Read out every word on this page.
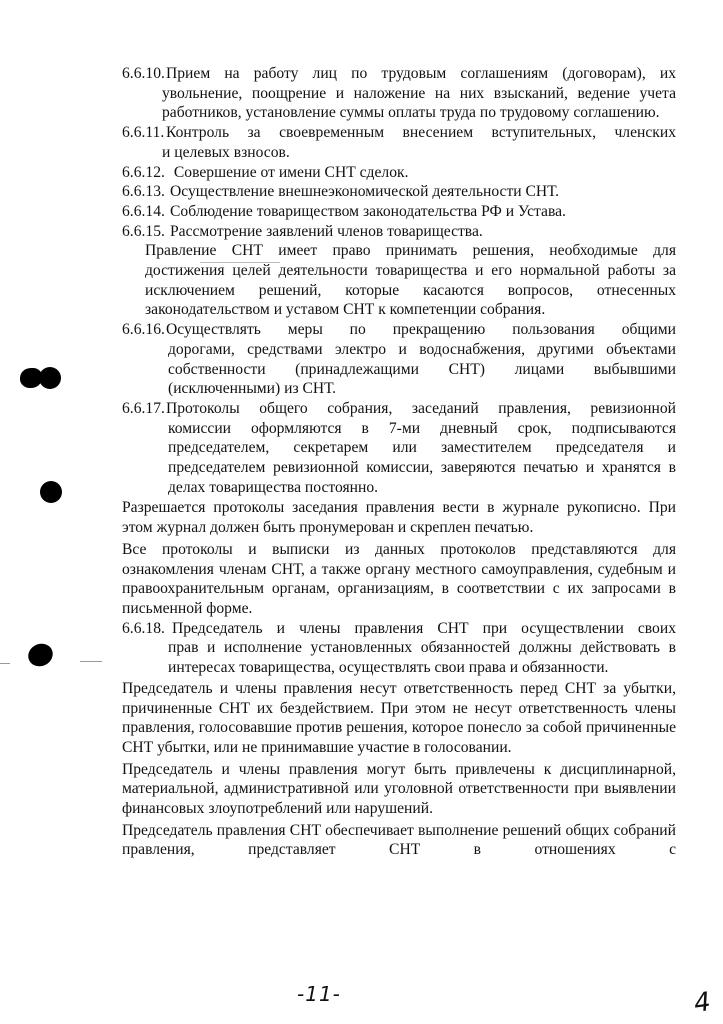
6.6.10.Прием на работу лиц по трудовым соглашениям (договорам), их
увольнение, поощрение и наложение на них взысканий, ведение учета работников, установление суммы оплаты труда по трудовому соглашению.
6.6.11. Контроль за своевременным внесением вступительных, членских
и целевых взносов.
6.6.12. Совершение от имени СНТ сделок.
6.6.13. Осуществление внешнеэкономической деятельности СНТ.
6.6.14. Соблюдение товариществом законодательства РФ и Устава.
6.6.15. Рассмотрение заявлений членов товарищества.
Правление СНТ имеет право принимать решения, необходимые для достижения целей деятельности товарищества и его нормальной работы за исключением решений, которые касаются вопросов, отнесенных законодательством и уставом СНТ к компетенции собрания.
6.6.16.Осуществлять меры по прекращению пользования общими
дорогами, средствами электро и водоснабжения, другими объектами собственности (принадлежащими СНТ) лицами выбывшими (исключенными) из СНТ.
6.6.17.Протоколы общего собрания, заседаний правления, ревизионной
комиссии оформляются в 7-ми дневный срок, подписываются председателем, секретарем или заместителем председателя и председателем ревизионной комиссии, заверяются печатью и хранятся в делах товарищества постоянно.
Разрешается протоколы заседания правления вести в журнале рукописно. При этом журнал должен быть пронумерован и скреплен печатью.
Все протоколы и выписки из данных протоколов представляются для ознакомления членам СНТ, а также органу местного самоуправления, судебным и правоохранительным органам, организациям, в соответствии с их запросами в письменной форме.
6.6.18. Председатель и члены правления СНТ при осуществлении своих
прав и исполнение установленных обязанностей должны действовать в интересах товарищества, осуществлять свои права и обязанности.
Председатель и члены правления несут ответственность перед СНТ за убытки, причиненные СНТ их бездействием. При этом не несут ответственность члены правления, голосовавшие против решения, которое понесло за собой причиненные СНТ убытки, или не принимавшие участие в голосовании.
Председатель и члены правления могут быть привлечены к дисциплинарной, материальной, административной или уголовной ответственности при выявлении финансовых злоупотреблений или нарушений.
Председатель правления СНТ обеспечивает выполнение решений общих собраний правления, представляет СНТ в отношениях с
-11-	4
